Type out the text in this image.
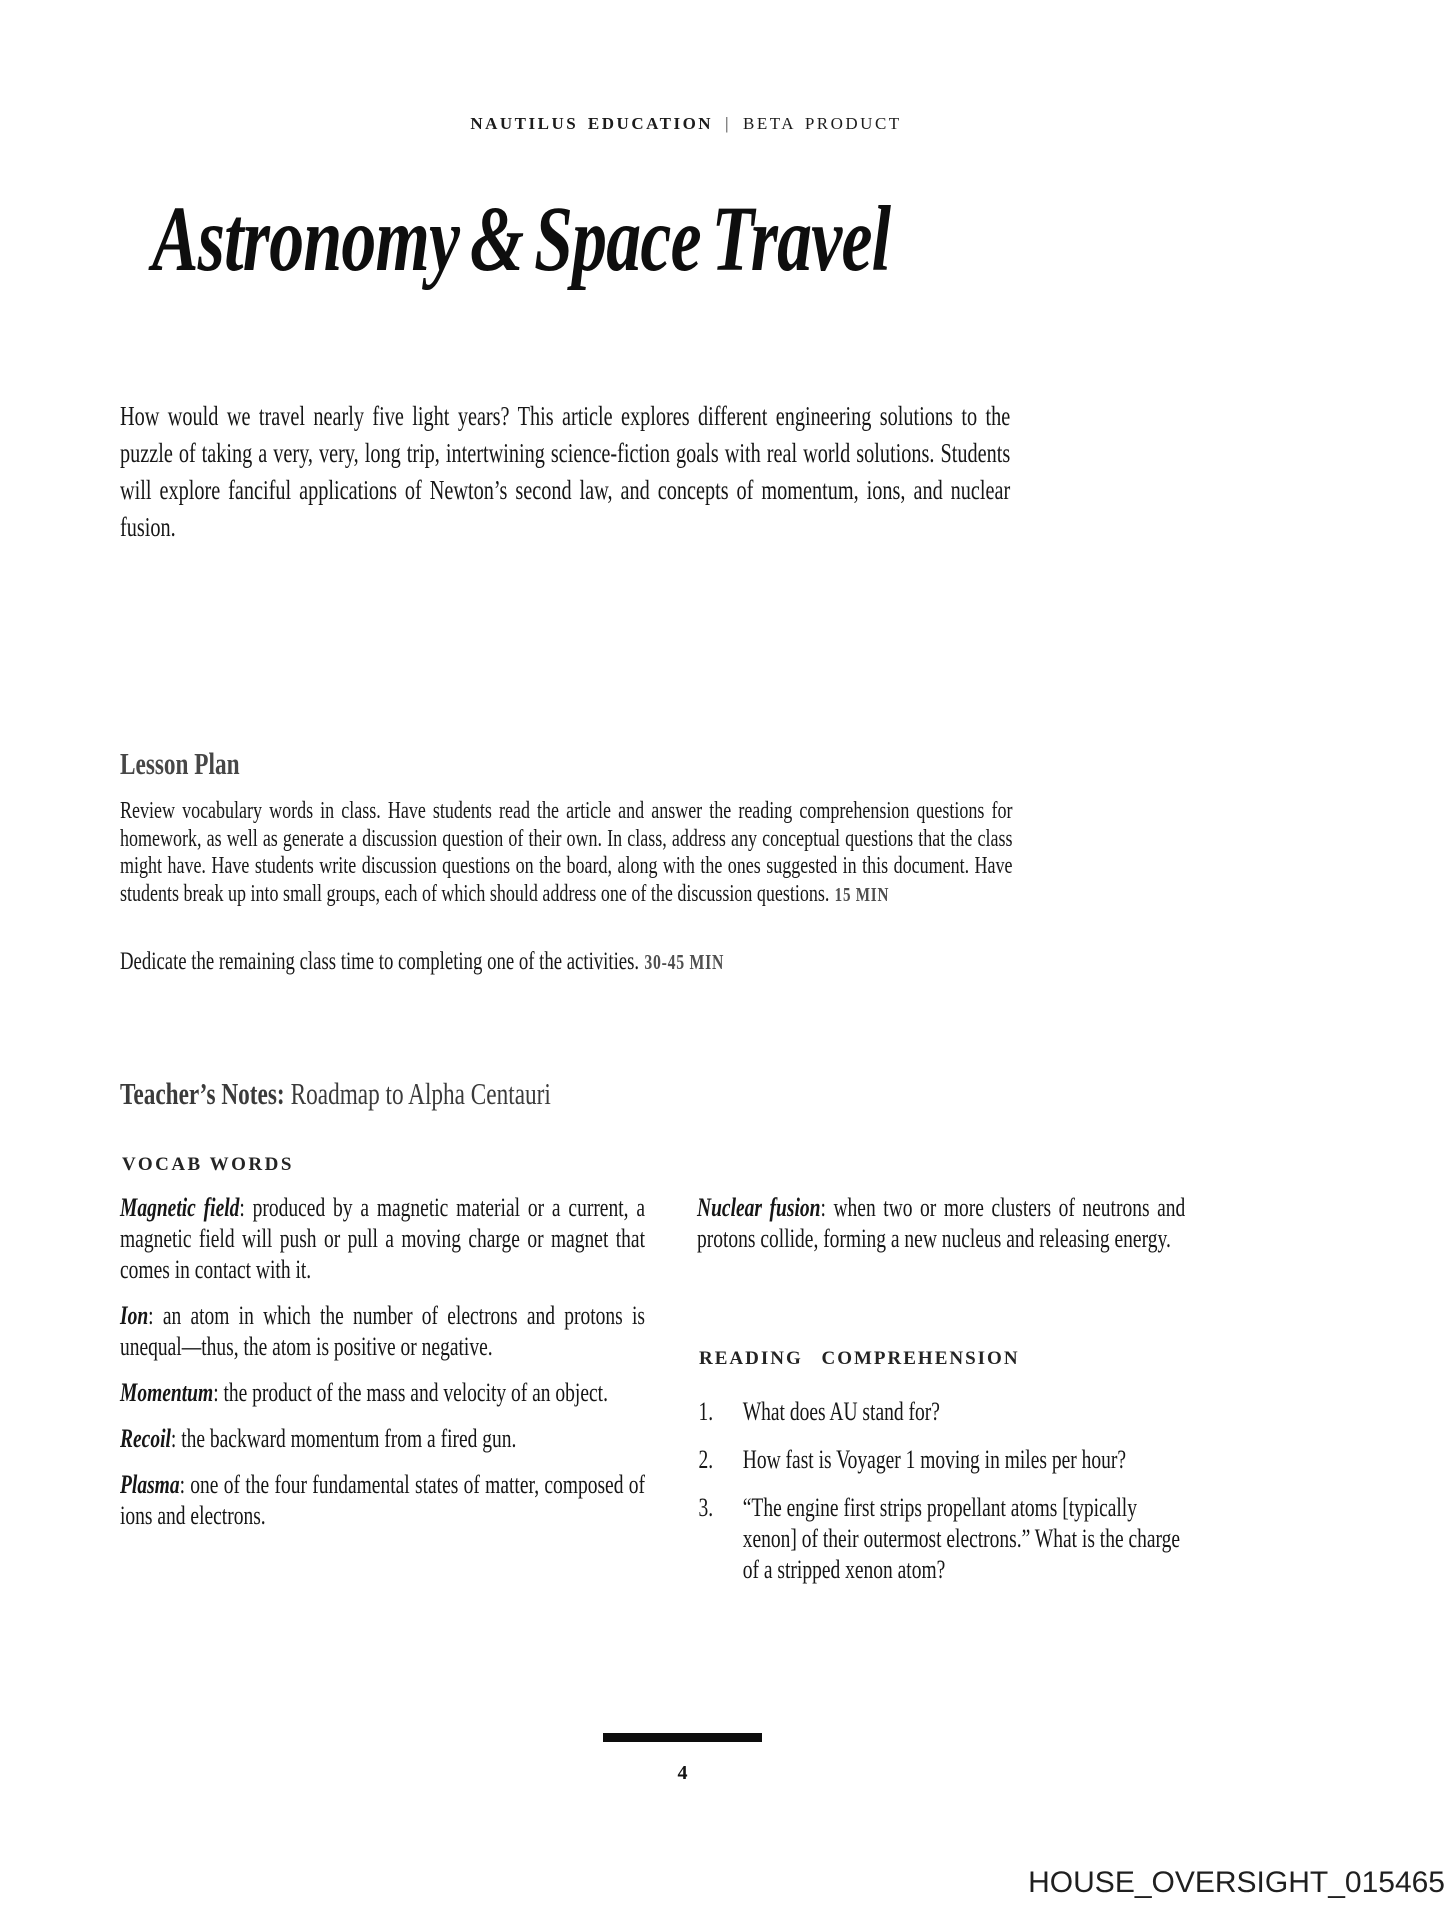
NAUTILUS EDUCATION | BETA PRODUCT
Astronomy & Space Travel
How would we travel nearly five light years? This article explores different engineering solutions to the puzzle of taking a very, very, long trip, intertwining science-fiction goals with real world solutions. Students will explore fanciful applications of Newton’s second law, and concepts of momentum, ions, and nuclear fusion.
Lesson Plan
Review vocabulary words in class. Have students read the article and answer the reading comprehension questions for homework, as well as generate a discussion question of their own. In class, address any conceptual questions that the class might have. Have students write discussion questions on the board, along with the ones suggested in this document. Have students break up into small groups, each of which should address one of the discussion questions. 15 MIN
Dedicate the remaining class time to completing one of the activities. 30-45 MIN
Teacher’s Notes: Roadmap to Alpha Centauri
VOCAB WORDS

Magnetic field: produced by a magnetic material or a current, a magnetic field will push or pull a moving charge or magnet that comes in contact with it.

Ion: an atom in which the number of electrons and protons is unequal—thus, the atom is positive or negative.

Momentum: the product of the mass and velocity of an object.

Recoil: the backward momentum from a fired gun.

Plasma: one of the four fundamental states of matter, composed of ions and electrons.

Nuclear fusion: when two or more clusters of neutrons and protons collide, forming a new nucleus and releasing energy.

READING COMPREHENSION
1. What does AU stand for?
2. How fast is Voyager 1 moving in miles per hour?
3. “The engine first strips propellant atoms [typically xenon] of their outermost electrons.” What is the charge of a stripped xenon atom?
4
HOUSE_OVERSIGHT_015465
